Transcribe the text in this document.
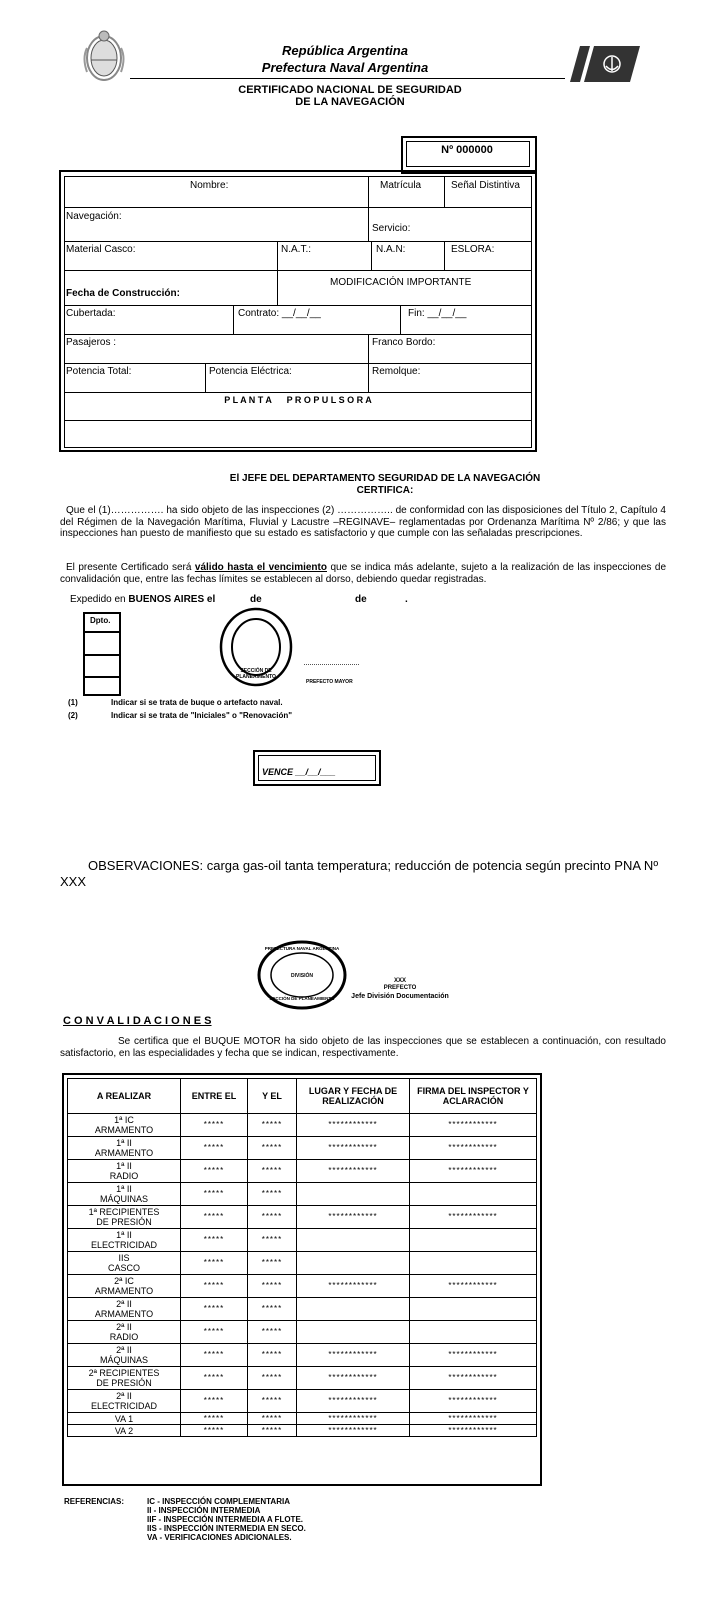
República Argentina
Prefectura Naval Argentina
CERTIFICADO NACIONAL DE SEGURIDAD
DE LA NAVEGACIÓN
Nº 000000
Nombre:	Matrícula	Señal Distintiva
Navegación:
Servicio:
Material Casco:	N.A.T.:	N.A.N:	ESLORA:
MODIFICACIÓN IMPORTANTE
Fecha de Construcción:
Cubertada:	Contrato: __/__/__	Fin: __/__/__
Pasajeros :	Franco Bordo:
Potencia Total:	Potencia Eléctrica:	Remolque:
P L A N T A      P R O P U L S O R A
El JEFE DEL DEPARTAMENTO SEGURIDAD DE LA NAVEGACIÓN
CERTIFICA:
Que el (1)……………. ha sido objeto de las inspecciones (2) …………….. de conformidad con las disposiciones del Título 2, Capítulo 4 del Régimen de la Navegación Marítima, Fluvial y Lacustre –REGINAVE– reglamentadas por Ordenanza Marítima Nº 2/86; y que las inspecciones han puesto de manifiesto que su estado es satisfactorio y que cumple con las señaladas prescripciones.
El presente Certificado será válido hasta el vencimiento que se indica más adelante, sujeto a la realización de las inspecciones de convalidación que, entre las fechas límites se establecen al dorso, debiendo quedar registradas.
Expedido en BUENOS AIRES el	de	de	.
Dpto.
SECCIÓN DE PLANEAMIENTO
PREFECTO MAYOR
(1)	Indicar si se trata de buque o artefacto naval.
(2)	Indicar si se trata de "Iniciales" o "Renovación"
VENCE __/__/___
OBSERVACIONES: carga gas-oil tanta temperatura; reducción de potencia según precinto PNA Nº XXX
PREFECTURA NAVAL ARGENTINA
DIVISIÓN
SECCIÓN DE PLANEAMIENTO
XXX
PREFECTO
Jefe División Documentación
C O N V A L I D A C I O N E S
Se certifica que el BUQUE MOTOR ha sido objeto de las inspecciones que se establecen a continuación, con resultado satisfactorio, en las especialidades y fecha que se indican, respectivamente.
A REALIZAR	ENTRE EL	Y EL	LUGAR Y FECHA DE REALIZACIÓN	FIRMA DEL INSPECTOR Y ACLARACIÓN
1ª IC
ARMAMENTO	*****	*****	************	************
1ª II
ARMAMENTO	*****	*****	************	************
1ª II
RADIO	*****	*****	************	************
1ª II
MÁQUINAS	*****	*****		
1ª RECIPIENTES
DE PRESIÓN	*****	*****	************	************
1ª II
ELECTRICIDAD	*****	*****		
IIS
CASCO	*****	*****		
2ª IC
ARMAMENTO	*****	*****	************	************
2ª II
ARMAMENTO	*****	*****		
2ª II
RADIO	*****	*****		
2ª II
MÁQUINAS	*****	*****	************	************
2ª RECIPIENTES
DE PRESIÓN	*****	*****	************	************
2ª II
ELECTRICIDAD	*****	*****	************	************
VA 1	*****	*****	************	************
VA 2	*****	*****	************	************
REFERENCIAS:	IC - INSPECCIÓN COMPLEMENTARIA
II - INSPECCIÓN INTERMEDIA
IIF - INSPECCIÓN INTERMEDIA A FLOTE.
IIS - INSPECCIÓN INTERMEDIA EN SECO.
VA - VERIFICACIONES ADICIONALES.
